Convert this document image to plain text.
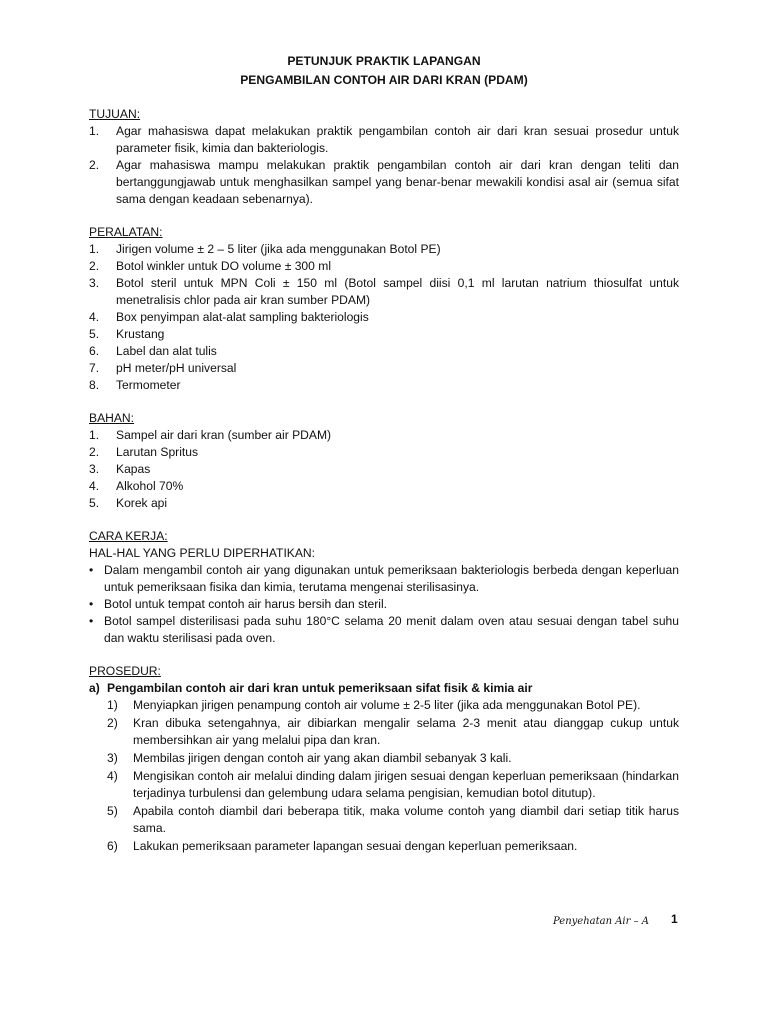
PETUNJUK PRAKTIK LAPANGAN
PENGAMBILAN CONTOH AIR DARI KRAN (PDAM)
TUJUAN:
1.	Agar mahasiswa dapat melakukan praktik pengambilan contoh air dari kran sesuai prosedur untuk parameter fisik, kimia dan bakteriologis.
2.	Agar mahasiswa mampu melakukan praktik pengambilan contoh air dari kran dengan teliti dan bertanggungjawab untuk menghasilkan sampel yang benar-benar mewakili kondisi asal air (semua sifat sama dengan keadaan sebenarnya).
PERALATAN:
1.	Jirigen volume ± 2 – 5 liter (jika ada menggunakan Botol PE)
2.	Botol winkler untuk DO volume ± 300 ml
3.	Botol steril untuk MPN Coli ± 150 ml (Botol sampel diisi 0,1 ml larutan natrium thiosulfat untuk menetralisis chlor pada air kran sumber PDAM)
4.	Box penyimpan alat-alat sampling bakteriologis
5.	Krustang
6.	Label dan alat tulis
7.	pH meter/pH universal
8.	Termometer
BAHAN:
1.	Sampel air dari kran (sumber air PDAM)
2.	Larutan Spritus
3.	Kapas
4.	Alkohol 70%
5.	Korek api
CARA KERJA:
HAL-HAL YANG PERLU DIPERHATIKAN:
• Dalam mengambil contoh air yang digunakan untuk pemeriksaan bakteriologis berbeda dengan keperluan untuk pemeriksaan fisika dan kimia, terutama mengenai sterilisasinya.
• Botol untuk tempat contoh air harus bersih dan steril.
• Botol sampel disterilisasi pada suhu 180°C selama 20 menit dalam oven atau sesuai dengan tabel suhu dan waktu sterilisasi pada oven.
PROSEDUR:
a) Pengambilan contoh air dari kran untuk pemeriksaan sifat fisik & kimia air
1)	Menyiapkan jirigen penampung contoh air volume ± 2-5 liter (jika ada menggunakan Botol PE).
2)	Kran dibuka setengahnya, air dibiarkan mengalir selama 2-3 menit atau dianggap cukup untuk membersihkan air yang melalui pipa dan kran.
3)	Membilas jirigen dengan contoh air yang akan diambil sebanyak 3 kali.
4)	Mengisikan contoh air melalui dinding dalam jirigen sesuai dengan keperluan pemeriksaan (hindarkan terjadinya turbulensi dan gelembung udara selama pengisian, kemudian botol ditutup).
5)	Apabila contoh diambil dari beberapa titik, maka volume contoh yang diambil dari setiap titik harus sama.
6)	Lakukan pemeriksaan parameter lapangan sesuai dengan keperluan pemeriksaan.
Penyehatan Air – A	1
